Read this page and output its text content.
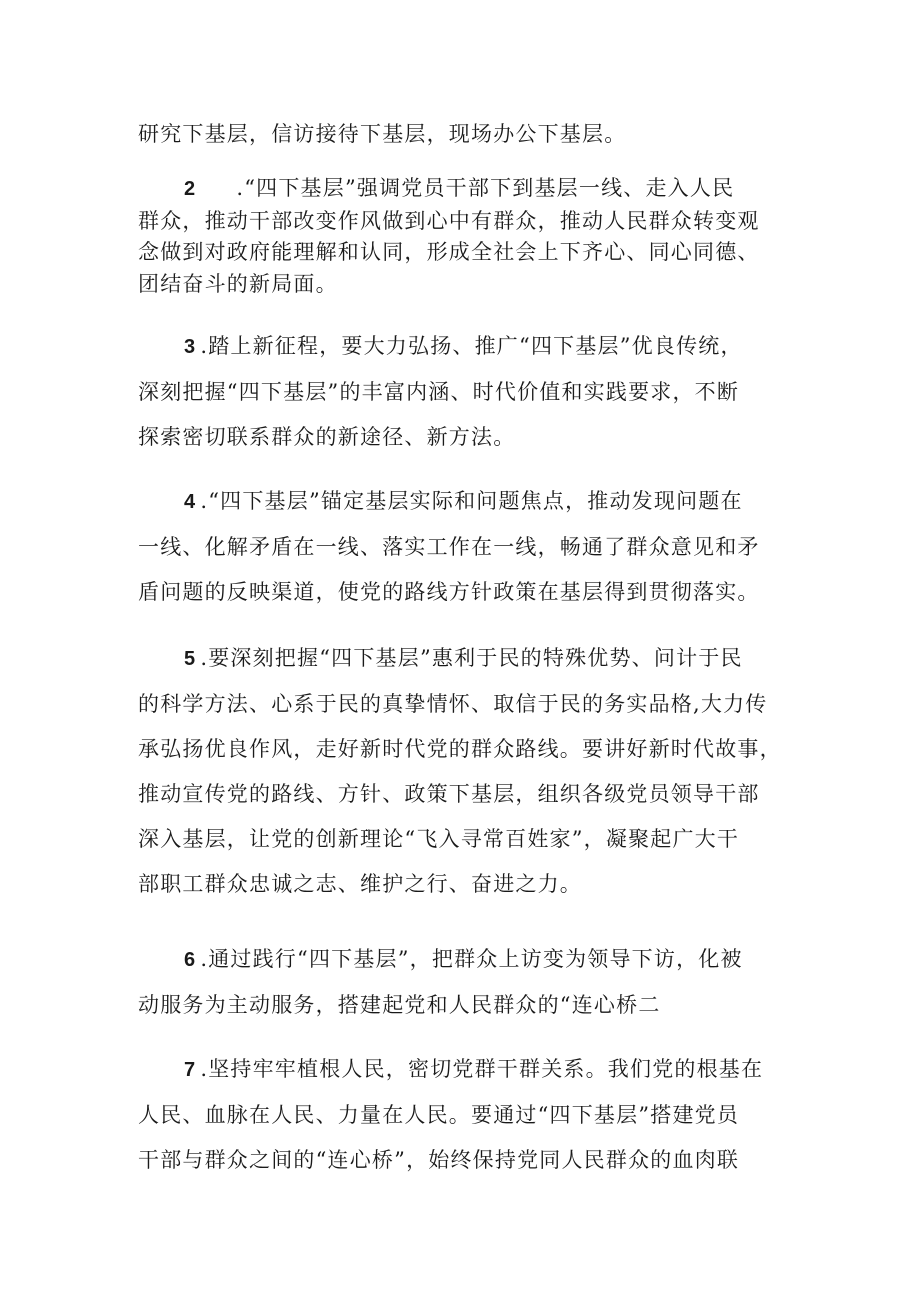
研究下基层，信访接待下基层，现场办公下基层。
2 .“四下基层”强调党员干部下到基层一线、走入人民
群众，推动干部改变作风做到心中有群众，推动人民群众转变观
念做到对政府能理解和认同，形成全社会上下齐心、同心同德、
团结奋斗的新局面。
3 .踏上新征程，要大力弘扬、推广“四下基层”优良传统，
深刻把握“四下基层”的丰富内涵、时代价值和实践要求，不断
探索密切联系群众的新途径、新方法。
4 .“四下基层”锚定基层实际和问题焦点，推动发现问题在
一线、化解矛盾在一线、落实工作在一线，畅通了群众意见和矛
盾问题的反映渠道，使党的路线方针政策在基层得到贯彻落实。
5 .要深刻把握“四下基层”惠利于民的特殊优势、问计于民
的科学方法、心系于民的真挚情怀、取信于民的务实品格,大力传
承弘扬优良作风，走好新时代党的群众路线。要讲好新时代故事，
推动宣传党的路线、方针、政策下基层，组织各级党员领导干部
深入基层，让党的创新理论“飞入寻常百姓家”，凝聚起广大干
部职工群众忠诚之志、维护之行、奋进之力。
6 .通过践行“四下基层”，把群众上访变为领导下访，化被
动服务为主动服务，搭建起党和人民群众的“连心桥二
7 .坚持牢牢植根人民，密切党群干群关系。我们党的根基在
人民、血脉在人民、力量在人民。要通过“四下基层”搭建党员
干部与群众之间的“连心桥”，始终保持党同人民群众的血肉联
